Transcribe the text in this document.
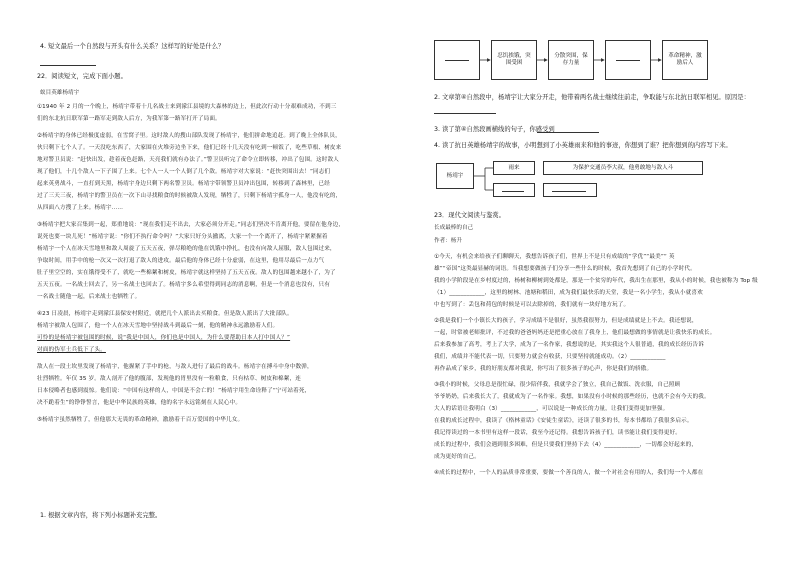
4. 短文最后一个自然段与开头有什么关系？这样写的好处是什么？
22．阅读短文，完成下面小题。
蚁目英雄杨靖宇
①1940 年 2 月的一个晚上，杨靖宇带着十几名战士来到濛江县境的大森林的边上，但此次行动十分艰难成功，不到三
们的东北抗日联军第一路军走到敌人后方，为我军第一路军打开了局面。
②杨靖宇的身体已经极度虚弱，在雪窝子里。这时敌人的搜山部队发现了杨靖宇，他们拼命地追赶。到了晚上全体队员，
伙只剩下七个人了。一天没吃东西了，大家围在火堆旁边坐下来，他们已经十几天没有吃到一顿饭了，吃些草根、树皮来
地对警卫员说：“赶快出发，趁着夜色赶路，天亮我们就有办法了。”警卫员听完了命令立即转移，冲出了包围。这时敌人
现了他们，十几个敌人一下子围了上来。七个人一人一个人倒了几个敌。杨靖宇对大家说：“赶快突围出去！”同志们
起来英勇战斗，一直打到天黑，杨靖宇身边只剩下两名警卫员。杨靖宇带领警卫员冲出包围，转移到了森林里，已经
过了三天三夜，杨靖宇的警卫员在一次下山寻找粮食的时候被敌人发现，牺牲了，只剩下杨靖宇孤身一人，他没有吃的，
从四面八方搜了上来。杨靖宇……
③杨靖宇把大家召集到一起，郑重地说：“现在我们走不出去，大家必须分开走。”同志们坚决不肯离开他，要留在他身边，
说死也要一块儿死！”杨靖宇说：“你们不执行命令吗？”大家只好分头撤离，大家一个一个离开了，杨靖宇紧紧握着
杨靖宇一个人在冰天雪地里和敌人周旋了五天五夜，弹尽粮绝的他在饥饿中挣扎，也没有向敌人屈服，敌人包围过来，
争取时间，用手中的枪一次又一次打退了敌人的进攻。最后他的身体已经十分虚弱，在这里，他用尽最后一点力气
肚子里空空的，实在饿得受不了，就吃一些棉絮和树皮，杨靖宇就这样坚持了五天五夜。敌人的包围越来越小了，为了
五天五夜。一名战士回去了，另一名战士也回去了。杨靖宇多么希望得到同志的消息啊，但是一个消息也没有，只有
一名战士随他一起，后来战士也牺牲了。
④23 日凌晨，杨靖宇走到濛江县保安村附近，就把几个人派出去买粮食。但是敌人派出了大批部队。
杨靖宇被敌人包围了，他一个人在冰天雪地中坚持战斗到最后一刻，他的精神永远激励着人们。
可怜的是杨靖宇被包围的时候，说“我是中国人，你们也是中国人，为什么要帮助日本人打中国人？”
对面的伪军士兵低下了头。
敌人在一段土坎里发现了杨靖宇，他握紧了手中的枪，与敌人进行了最后的战斗。杨靖宇在搏斗中身中数弹，
壮烈牺牲。年仅 35 岁。敌人剖开了他的腹部，发现他的胃里没有一粒粮食，只有枯草、树皮和棉絮，连
日本侵略者也感到震惊。他们说：“中国有这样的人，中国是不会亡的！”杨靖宇用生命诠释了“宁可站着死，
决不跪着生”的铮铮誓言，他是中华民族的英雄，他的名字永远铭刻在人民心中。
⑤杨靖宇虽然牺牲了，但他那大无畏的革命精神，激励着千百万爱国的中华儿女。
1. 根据文章内容，将下列小标题补充完整。
忍饥挨饿，突围受困
分散突围，保存力量
革命精神，激励后人
2. 文章第④自然段中，杨靖宇让大家分开走，他带着两名战士继续往前走，争取能与东北抗日联军相见。原因是：
3. 读了第④自然段画横线的句子，你感受到
4. 读了抗日英雄杨靖宇的故事，小明想到了小英雄雨来和他的事迹，你想到了谁？把你想到的内容写下来。
杨靖宇
雨来	为保护交通员李大叔，他勇敢地与敌人斗
23．现代文阅读与鉴赏。
长成最棒的自己
作者：杨升
①今天，有机会来给孩子们聊聊天，我想告诉孩子们，世界上不是只有成绩的“学优”“最美”“ 英
雄”“帝国”这类最显赫的词语。当我想要做孩子们分享一些什么的时候，我首先想到了自己的小学时代。
我的小学阶段是在乡村度过的，杨树和柳树到处都是，那是一个贫穷的年代，我出生在那里，我从小的时候，我也被称为 Top 级
（1）____________，这里的树林、池塘和稻田，成为我们最快乐的天堂，我是一名小学生，我从小就喜欢
中也写到了：丢包和荷包的时候是可以去除掉的，我们就有一块好地方玩了。
②我是我们一个小镇长大的孩子，学习成绩不是很好，虽然我很努力，但是成绩就是上不去。我还想说，
一起，时常被老师批评，不过我的爸爸妈妈还是把重心放在了我身上，他们最想做的事情就是让我快乐的成长。
后来我参加了高考，考上了大学，成为了一名作家，我想说的是，其实我这个人很普通，我的成长经历告诉
我们，成绩并不能代表一切，只要努力就会有收获，只要坚持就能成功。（2）____________
再作品成了家乡，我的好朋友都对我说，你写出了很多孩子的心声，你是我们的骄傲。
③我小的时候，父母总是很忙碌，很少陪伴我，我就学会了独立，我自己做饭、洗衣服，自己照顾
爷爷奶奶，后来我长大了，我就成为了一名作家。我想，如果没有小时候的那些经历，也就不会有今天的我。
大人的话语让我明白（3）____________，可以说是一种成长的力量，让我们变得更加坚强。
在我的成长过程中，我读了《格林童话》《安徒生童话》，还读了很多的书，每本书都给了我很多启示。
我记得读过的一本书里有这样一段话，我至今还记得。我想告诉孩子们，读书能让我们变得更好。
成长的过程中，我们会遇到很多困难，但是只要我们坚持下去（4）____________，一切都会好起来的，
成为更好的自己。
④成长的过程中，一个人的品质非常重要，要做一个善良的人，做一个对社会有用的人，我们每一个人都在
